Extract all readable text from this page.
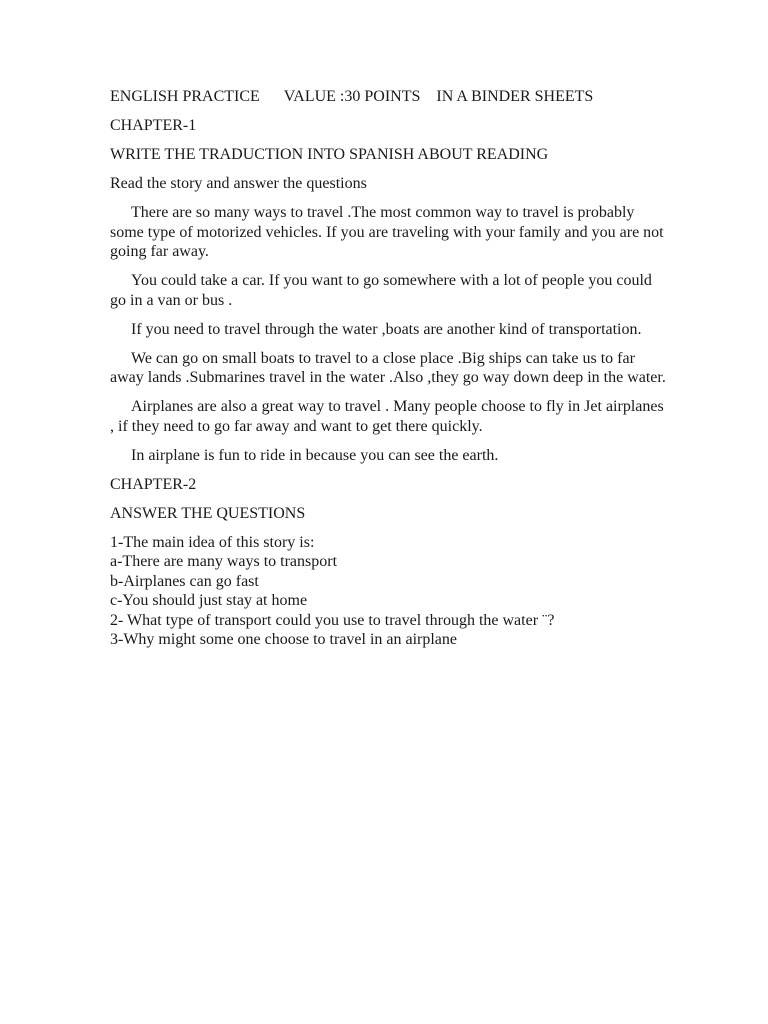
ENGLISH PRACTICE VALUE :30 POINTS IN A BINDER SHEETS
CHAPTER-1
WRITE THE TRADUCTION INTO SPANISH ABOUT READING
Read the story and answer the questions

There are so many ways to travel .The most common way to travel is probably some type of motorized vehicles. If you are traveling with your family and you are not going far away.

You could take a car. If you want to go somewhere with a lot of people you could go in a van or bus .

If you need to travel through the water ,boats are another kind of transportation.

We can go on small boats to travel to a close place .Big ships can take us to far away lands .Submarines travel in the water .Also ,they go way down deep in the water.

Airplanes are also a great way to travel . Many people choose to fly in Jet airplanes , if they need to go far away and want to get there quickly.

In airplane is fun to ride in because you can see the earth.

CHAPTER-2
ANSWER THE QUESTIONS
1-The main idea of this story is:
a-There are many ways to transport
b-Airplanes can go fast
c-You should just stay at home
2- What type of transport could you use to travel through the water ¨?
3-Why might some one choose to travel in an airplane
